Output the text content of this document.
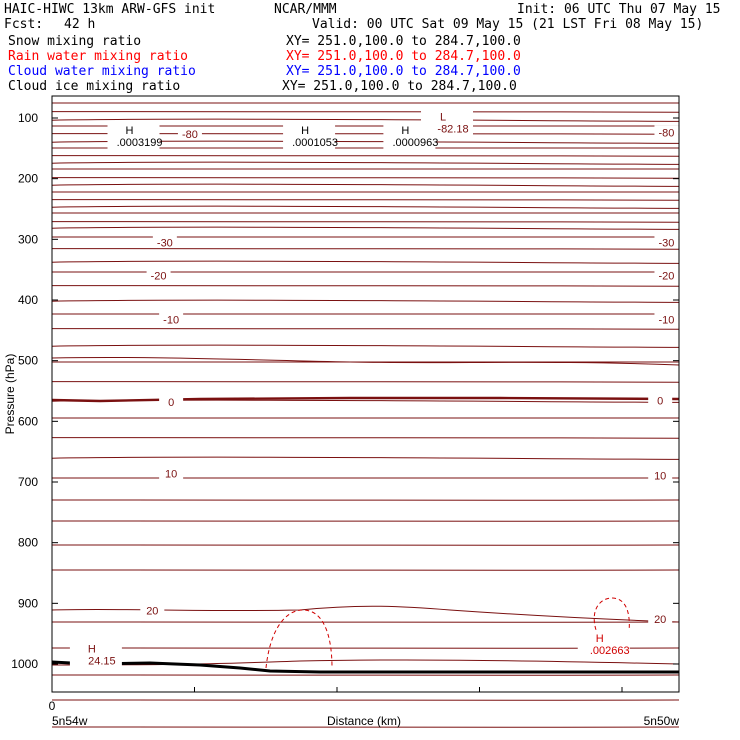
HAIC-HIWC 13km ARW-GFS init	NCAR/MMM	Init: 06 UTC Thu 07 May 15
Fcst: 42 h	Valid: 00 UTC Sat 09 May 15 (21 LST Fri 08 May 15)
Snow mixing ratio	XY= 251.0,100.0 to 284.7,100.0
Rain water mixing ratio	XY= 251.0,100.0 to 284.7,100.0
Cloud water mixing ratio	XY= 251.0,100.0 to 284.7,100.0
Cloud ice mixing ratio	XY= 251.0,100.0 to 284.7,100.0
100
200
300
400
500
600
700
800
900
1000
-80	-80
-30	-30
-20	-20
-10	-10
0	0
10	10
20
20
L
-82.18
H
.0003199
H
.0001053
H
.0000963
H
.002663
H
24.15
Pressure (hPa)
Distance (km)
0
5n54w	5n50w
